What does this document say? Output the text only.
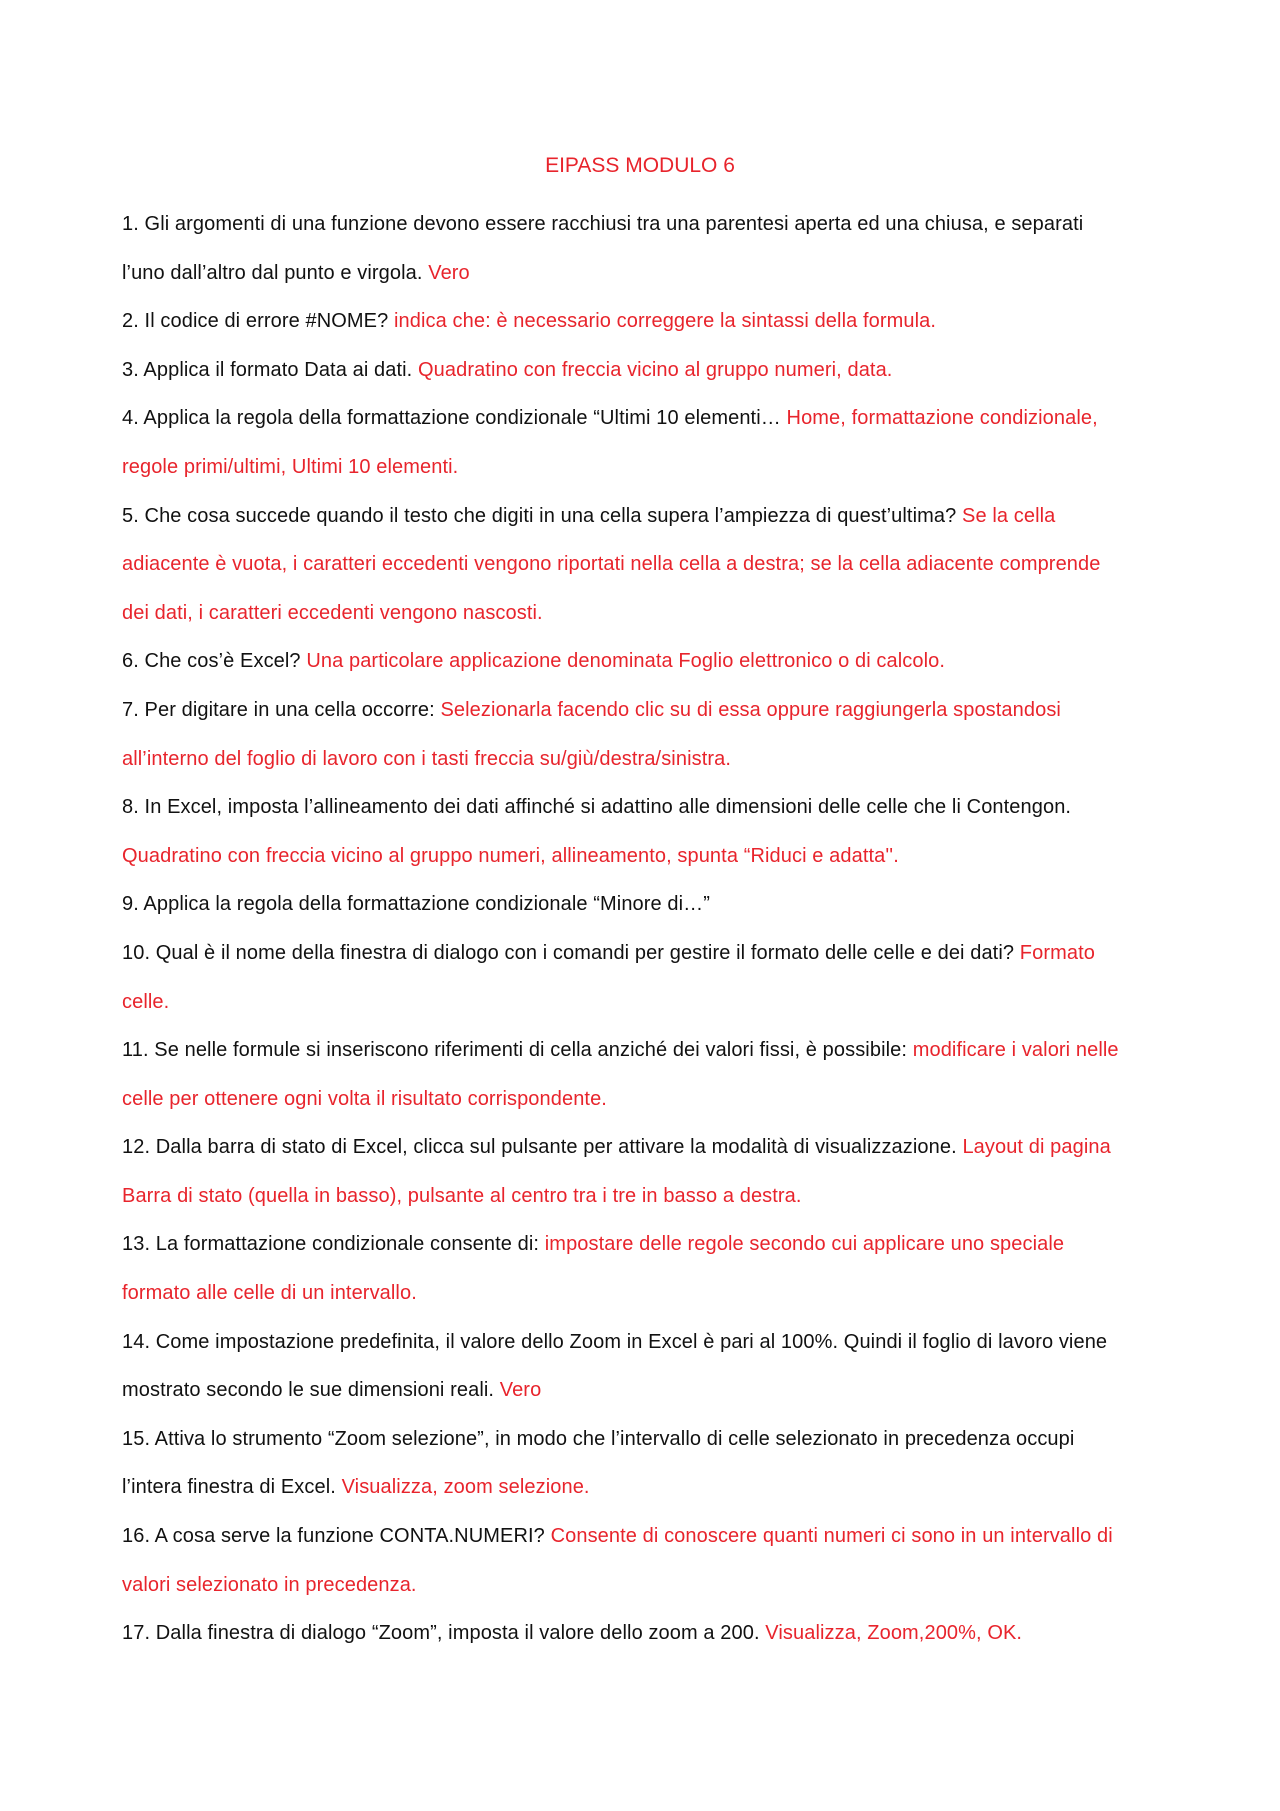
EIPASS MODULO 6

1. Gli argomenti di una funzione devono essere racchiusi tra una parentesi aperta ed una chiusa, e separati l’uno dall’altro dal punto e virgola. Vero

2. Il codice di errore #NOME? indica che: è necessario correggere la sintassi della formula.

3. Applica il formato Data ai dati. Quadratino con freccia vicino al gruppo numeri, data.

4. Applica la regola della formattazione condizionale “Ultimi 10 elementi… Home, formattazione condizionale, regole primi/ultimi, Ultimi 10 elementi.

5. Che cosa succede quando il testo che digiti in una cella supera l’ampiezza di quest’ultima? Se la cella adiacente è vuota, i caratteri eccedenti vengono riportati nella cella a destra; se la cella adiacente comprende dei dati, i caratteri eccedenti vengono nascosti.

6. Che cos’è Excel? Una particolare applicazione denominata Foglio elettronico o di calcolo.

7. Per digitare in una cella occorre: Selezionarla facendo clic su di essa oppure raggiungerla spostandosi all’interno del foglio di lavoro con i tasti freccia su/giù/destra/sinistra.

8. In Excel, imposta l’allineamento dei dati affinché si adattino alle dimensioni delle celle che li Contengon. Quadratino con freccia vicino al gruppo numeri, allineamento, spunta “Riduci e adatta''.

9. Applica la regola della formattazione condizionale “Minore di…”

10. Qual è il nome della finestra di dialogo con i comandi per gestire il formato delle celle e dei dati? Formato celle.

11. Se nelle formule si inseriscono riferimenti di cella anziché dei valori fissi, è possibile: modificare i valori nelle celle per ottenere ogni volta il risultato corrispondente.

12. Dalla barra di stato di Excel, clicca sul pulsante per attivare la modalità di visualizzazione. Layout di pagina Barra di stato (quella in basso), pulsante al centro tra i tre in basso a destra.

13. La formattazione condizionale consente di: impostare delle regole secondo cui applicare uno speciale formato alle celle di un intervallo.

14. Come impostazione predefinita, il valore dello Zoom in Excel è pari al 100%. Quindi il foglio di lavoro viene mostrato secondo le sue dimensioni reali. Vero

15. Attiva lo strumento “Zoom selezione”, in modo che l’intervallo di celle selezionato in precedenza occupi l’intera finestra di Excel. Visualizza, zoom selezione.

16. A cosa serve la funzione CONTA.NUMERI? Consente di conoscere quanti numeri ci sono in un intervallo di valori selezionato in precedenza.

17. Dalla finestra di dialogo “Zoom”, imposta il valore dello zoom a 200. Visualizza, Zoom,200%, OK.
